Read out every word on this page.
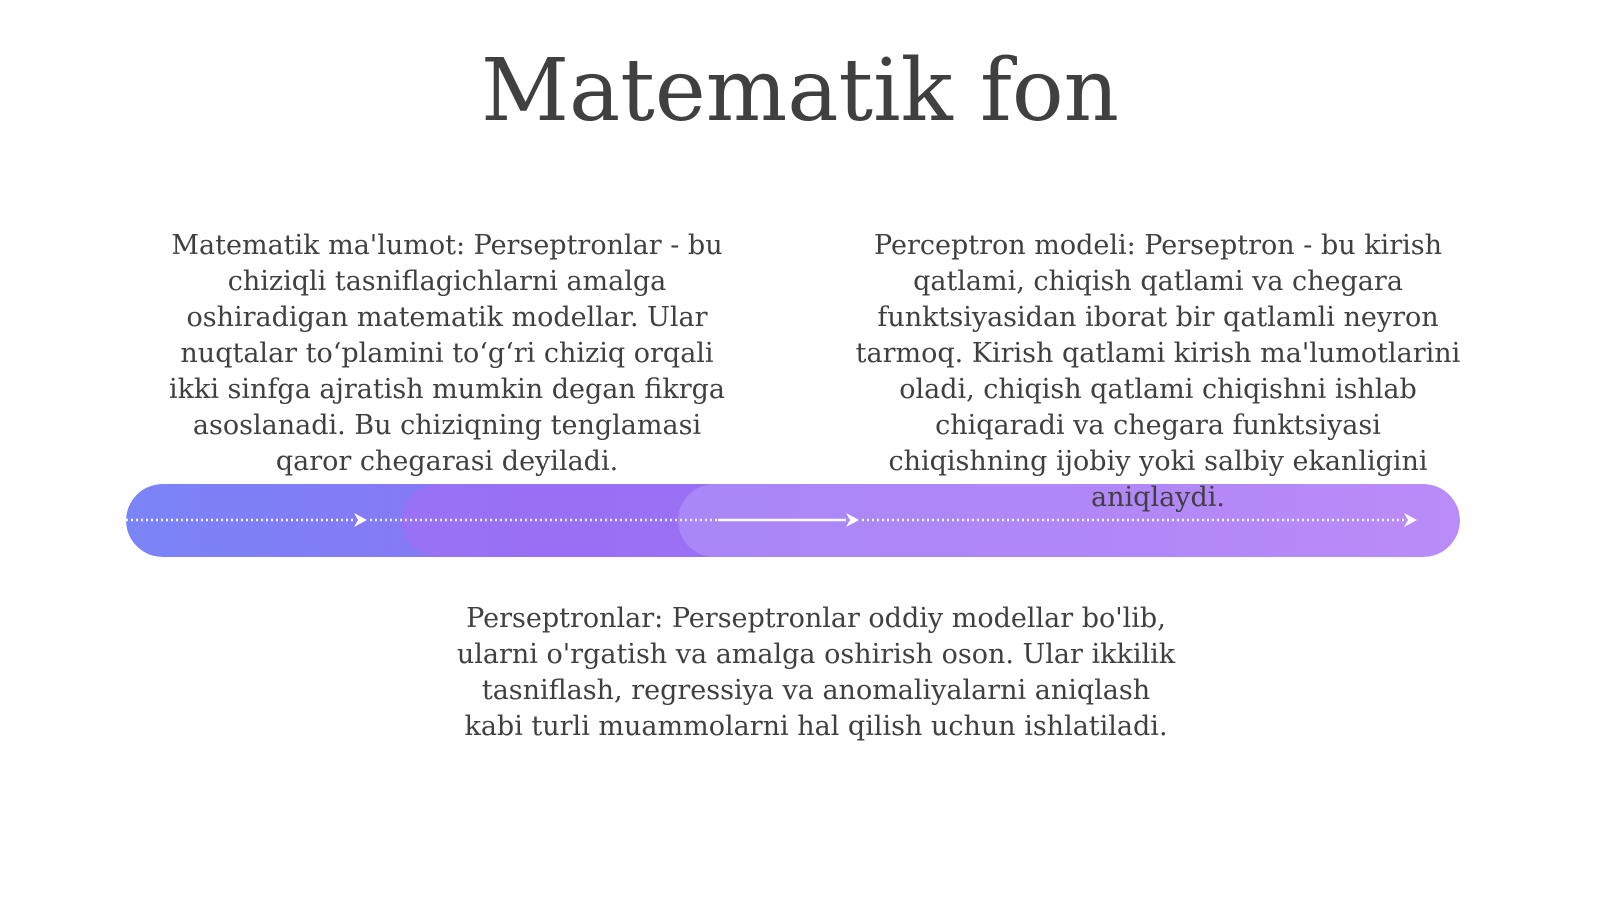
Matematik fon

Matematik ma'lumot: Perseptronlar - bu chiziqli tasniflagichlarni amalga oshiradigan matematik modellar. Ular nuqtalar to‘plamini to‘g‘ri chiziq orqali ikki sinfga ajratish mumkin degan fikrga asoslanadi. Bu chiziqning tenglamasi qaror chegarasi deyiladi.

Perceptron modeli: Perseptron - bu kirish qatlami, chiqish qatlami va chegara funktsiyasidan iborat bir qatlamli neyron tarmoq. Kirish qatlami kirish ma'lumotlarini oladi, chiqish qatlami chiqishni ishlab chiqaradi va chegara funktsiyasi chiqishning ijobiy yoki salbiy ekanligini aniqlaydi.

Perseptronlar: Perseptronlar oddiy modellar bo'lib, ularni o'rgatish va amalga oshirish oson. Ular ikkilik tasniflash, regressiya va anomaliyalarni aniqlash kabi turli muammolarni hal qilish uchun ishlatiladi.
